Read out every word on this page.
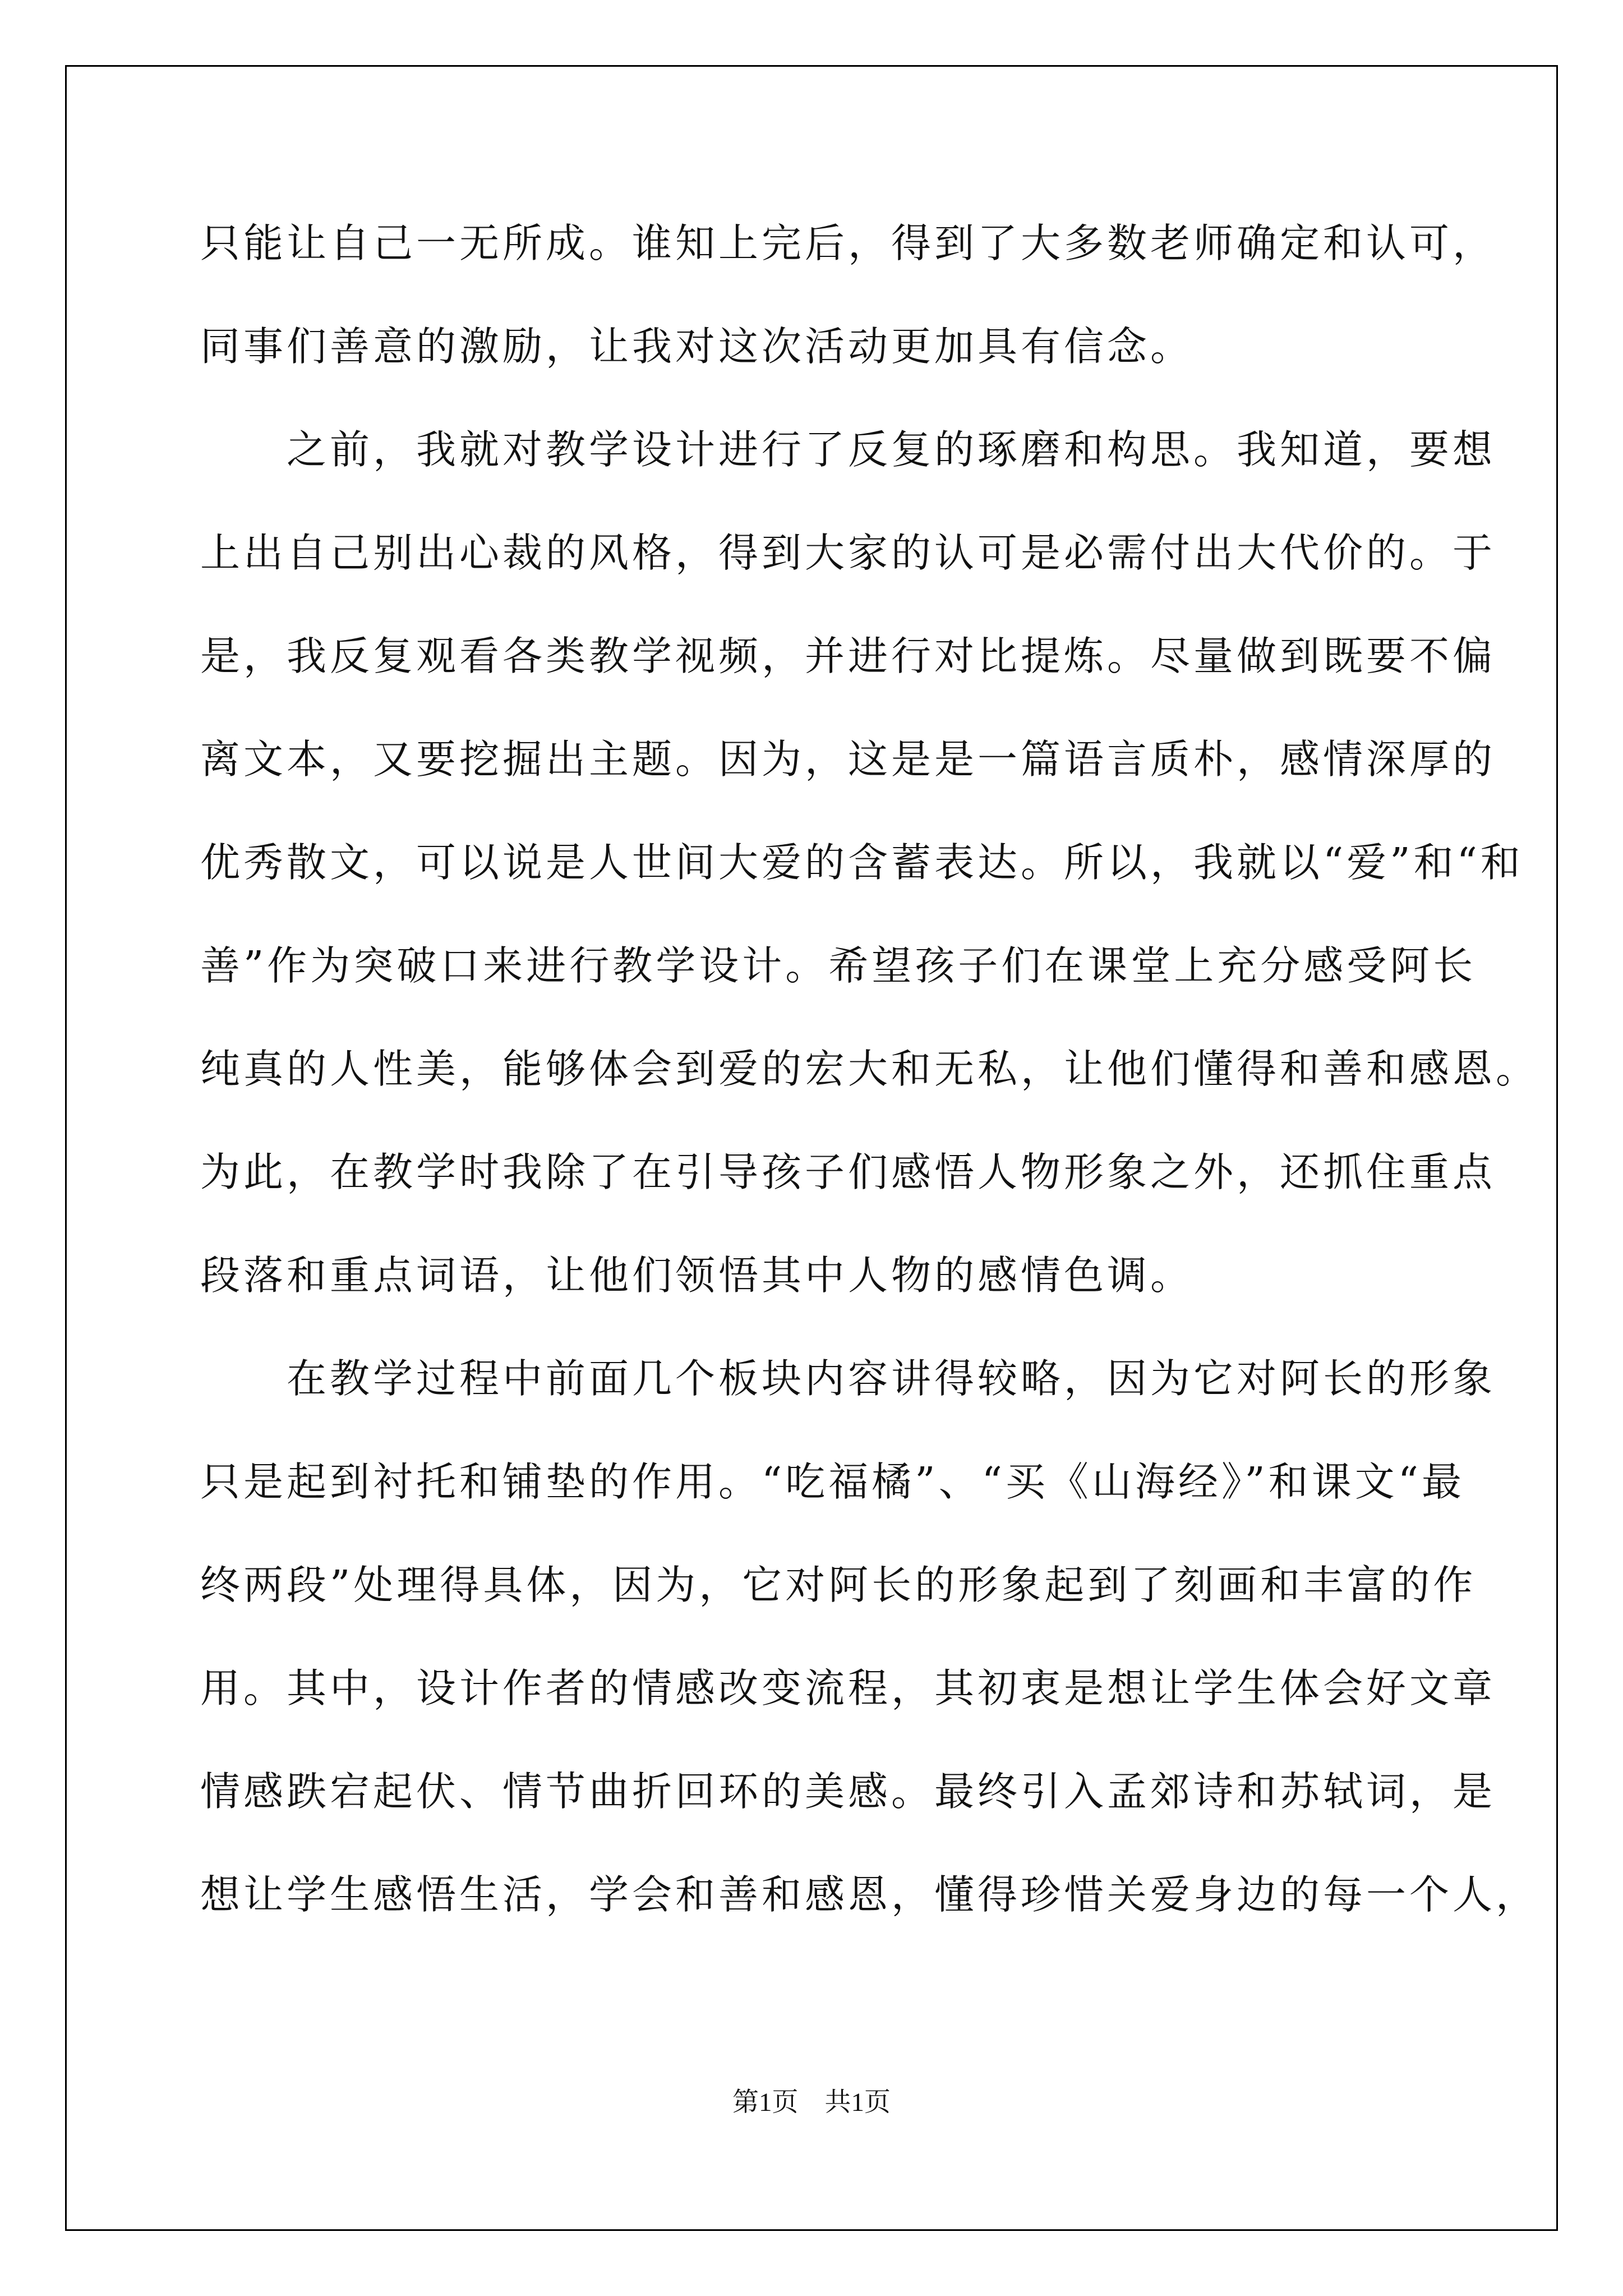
只能让自己一无所成。谁知上完后，得到了大多数老师确定和认可，
同事们善意的激励，让我对这次活动更加具有信念。
之前，我就对教学设计进行了反复的琢磨和构思。我知道，要想
上出自己别出心裁的风格，得到大家的认可是必需付出大代价的。于
是，我反复观看各类教学视频，并进行对比提炼。尽量做到既要不偏
离文本，又要挖掘出主题。因为，这是是一篇语言质朴，感情深厚的
优秀散文，可以说是人世间大爱的含蓄表达。所以，我就以“爱”和“和
善”作为突破口来进行教学设计。希望孩子们在课堂上充分感受阿长
纯真的人性美，能够体会到爱的宏大和无私，让他们懂得和善和感恩。
为此，在教学时我除了在引导孩子们感悟人物形象之外，还抓住重点
段落和重点词语，让他们领悟其中人物的感情色调。
在教学过程中前面几个板块内容讲得较略，因为它对阿长的形象
只是起到衬托和铺垫的作用。“吃福橘”、“买《山海经》”和课文“最
终两段”处理得具体，因为，它对阿长的形象起到了刻画和丰富的作
用。其中，设计作者的情感改变流程，其初衷是想让学生体会好文章
情感跌宕起伏、情节曲折回环的美感。最终引入孟郊诗和苏轼词，是
想让学生感悟生活，学会和善和感恩，懂得珍惜关爱身边的每一个人，
第1页　共1页
